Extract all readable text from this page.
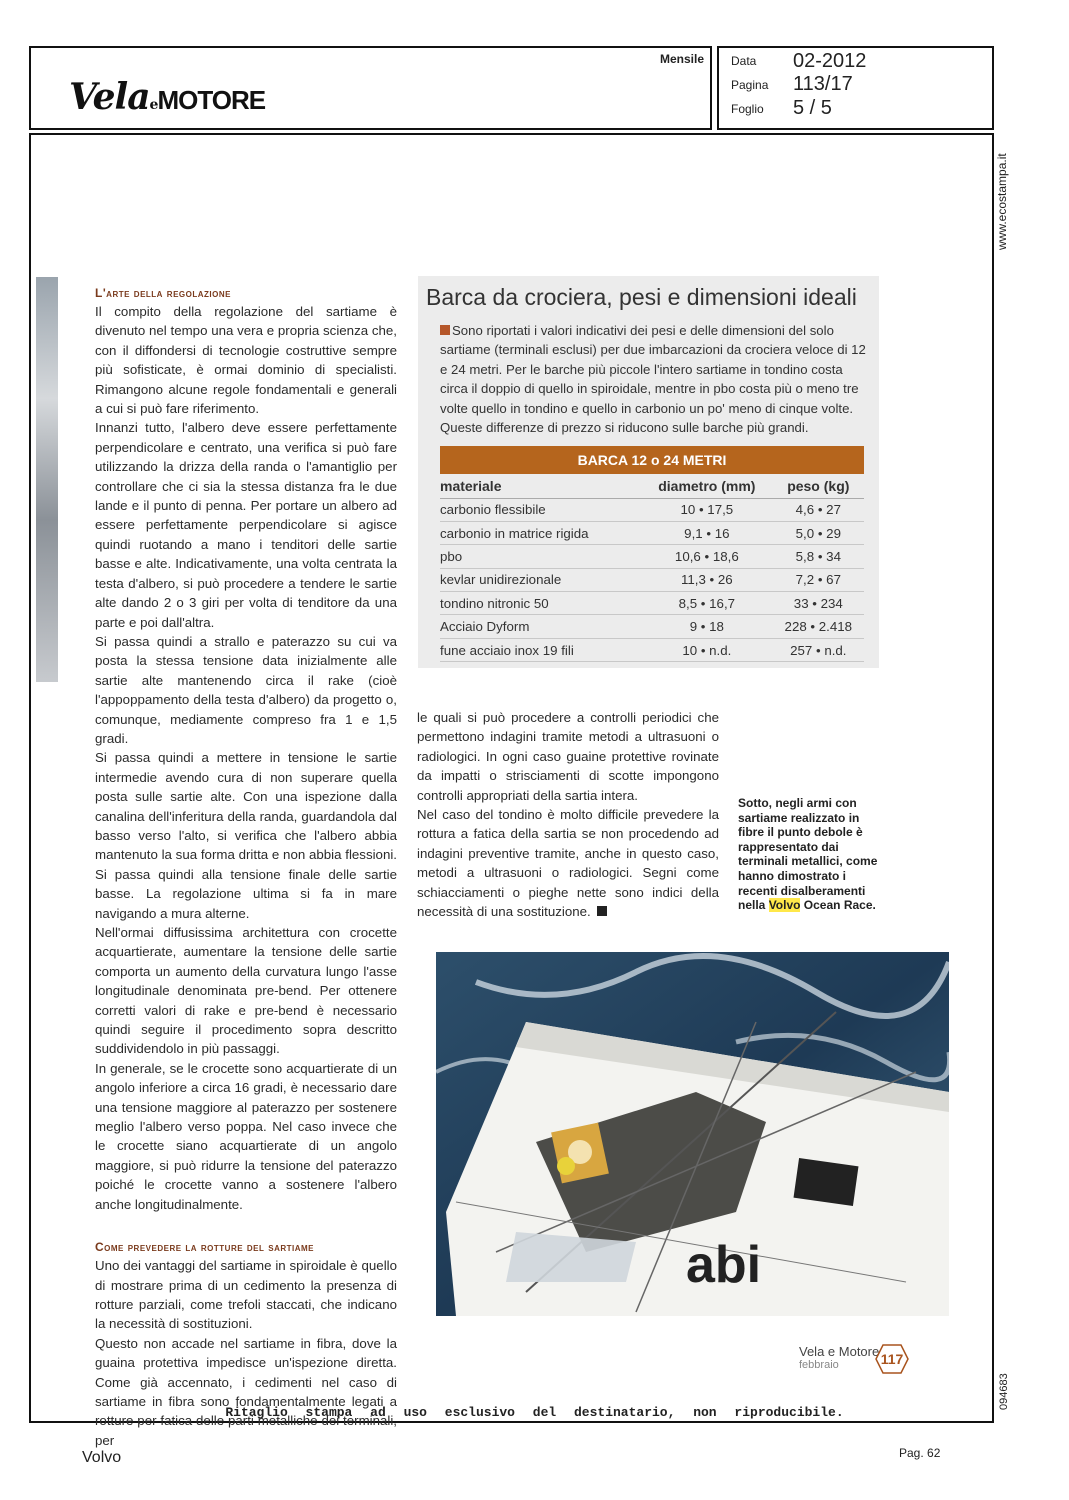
VelaeMOTORE
Mensile Data 02-2012
Pagina 113/17
Foglio 5 / 5
www.ecostampa.it
094683
L'arte della regolazione

Il compito della regolazione del sartiame è divenuto nel tempo una vera e propria scienza che, con il diffondersi di tecnologie costruttive sempre più sofisticate, è ormai dominio di specialisti. Rimangono alcune regole fondamentali e generali a cui si può fare riferimento.

Innanzi tutto, l'albero deve essere perfettamente perpendicolare e centrato, una verifica si può fare utilizzando la drizza della randa o l'amantiglio per controllare che ci sia la stessa distanza fra le due lande e il punto di penna. Per portare un albero ad essere perfettamente perpendicolare si agisce quindi ruotando a mano i tenditori delle sartie basse e alte. Indicativamente, una volta centrata la testa d'albero, si può procedere a tendere le sartie alte dando 2 o 3 giri per volta di tenditore da una parte e poi dall'altra.

Si passa quindi a strallo e paterazzo su cui va posta la stessa tensione data inizialmente alle sartie alte mantenendo circa il rake (cioè l'appoppamento della testa d'albero) da progetto o, comunque, mediamente compreso fra 1 e 1,5 gradi.

Si passa quindi a mettere in tensione le sartie intermedie avendo cura di non superare quella posta sulle sartie alte. Con una ispezione dalla canalina dell'inferitura della randa, guardandola dal basso verso l'alto, si verifica che l'albero abbia mantenuto la sua forma dritta e non abbia flessioni. Si passa quindi alla tensione finale delle sartie basse. La regolazione ultima si fa in mare navigando a mura alterne.

Nell'ormai diffusissima architettura con crocette acquartierate, aumentare la tensione delle sartie comporta un aumento della curvatura lungo l'asse longitudinale denominata pre-bend. Per ottenere corretti valori di rake e pre-bend è necessario quindi seguire il procedimento sopra descritto suddividendolo in più passaggi.

In generale, se le crocette sono acquartierate di un angolo inferiore a circa 16 gradi, è necessario dare una tensione maggiore al paterazzo per sostenere meglio l'albero verso poppa. Nel caso invece che le crocette siano acquartierate di un angolo maggiore, si può ridurre la tensione del paterazzo poiché le crocette vanno a sostenere l'albero anche longitudinalmente.

Come prevedere la rotture del sartiame

Uno dei vantaggi del sartiame in spiroidale è quello di mostrare prima di un cedimento la presenza di rotture parziali, come trefoli staccati, che indicano la necessità di sostituzioni.

Questo non accade nel sartiame in fibra, dove la guaina protettiva impedisce un'ispezione diretta. Come già accennato, i cedimenti nel caso di sartiame in fibra sono fondamentalmente legati a rotture per fatica delle parti metalliche dei terminali, per

Barca da crociera, pesi e dimensioni ideali
Sono riportati i valori indicativi dei pesi e delle dimensioni del solo sartiame (terminali esclusi) per due imbarcazioni da crociera veloce di 12 e 24 metri. Per le barche più piccole l'intero sartiame in tondino costa circa il doppio di quello in spiroidale, mentre in pbo costa più o meno tre volte quello in tondino e quello in carbonio un po' meno di cinque volte. Queste differenze di prezzo si riducono sulle barche più grandi.
BARCA 12 o 24 METRI
materiale	diametro (mm)	peso (kg)
carbonio flessibile	10 • 17,5	4,6 • 27
carbonio in matrice rigida	9,1 • 16	5,0 • 29
pbo	10,6 • 18,6	5,8 • 34
kevlar unidirezionale	11,3 • 26	7,2 • 67
tondino nitronic 50	8,5 • 16,7	33 • 234
Acciaio Dyform	9 • 18	228 • 2.418
fune acciaio inox 19 fili	10 • n.d.	257 • n.d.

le quali si può procedere a controlli periodici che permettono indagini tramite metodi a ultrasuoni o radiologici. In ogni caso guaine protettive rovinate da impatti o strisciamenti di scotte impongono controlli appropriati della sartia intera.

Nel caso del tondino è molto difficile prevedere la rottura a fatica della sartia se non procedendo ad indagini preventive tramite, anche in questo caso, metodi a ultrasuoni o radiologici. Segni come schiacciamenti o pieghe nette sono indici della necessità di una sostituzione.

Sotto, negli armi con sartiame realizzato in fibre il punto debole è rappresentato dai terminali metallici, come hanno dimostrato i recenti disalberamenti nella Volvo Ocean Race.
abi
Vela e Motore
febbraio	117
Ritaglio stampa ad uso esclusivo del destinatario, non riproducibile.
Volvo	Pag. 62
